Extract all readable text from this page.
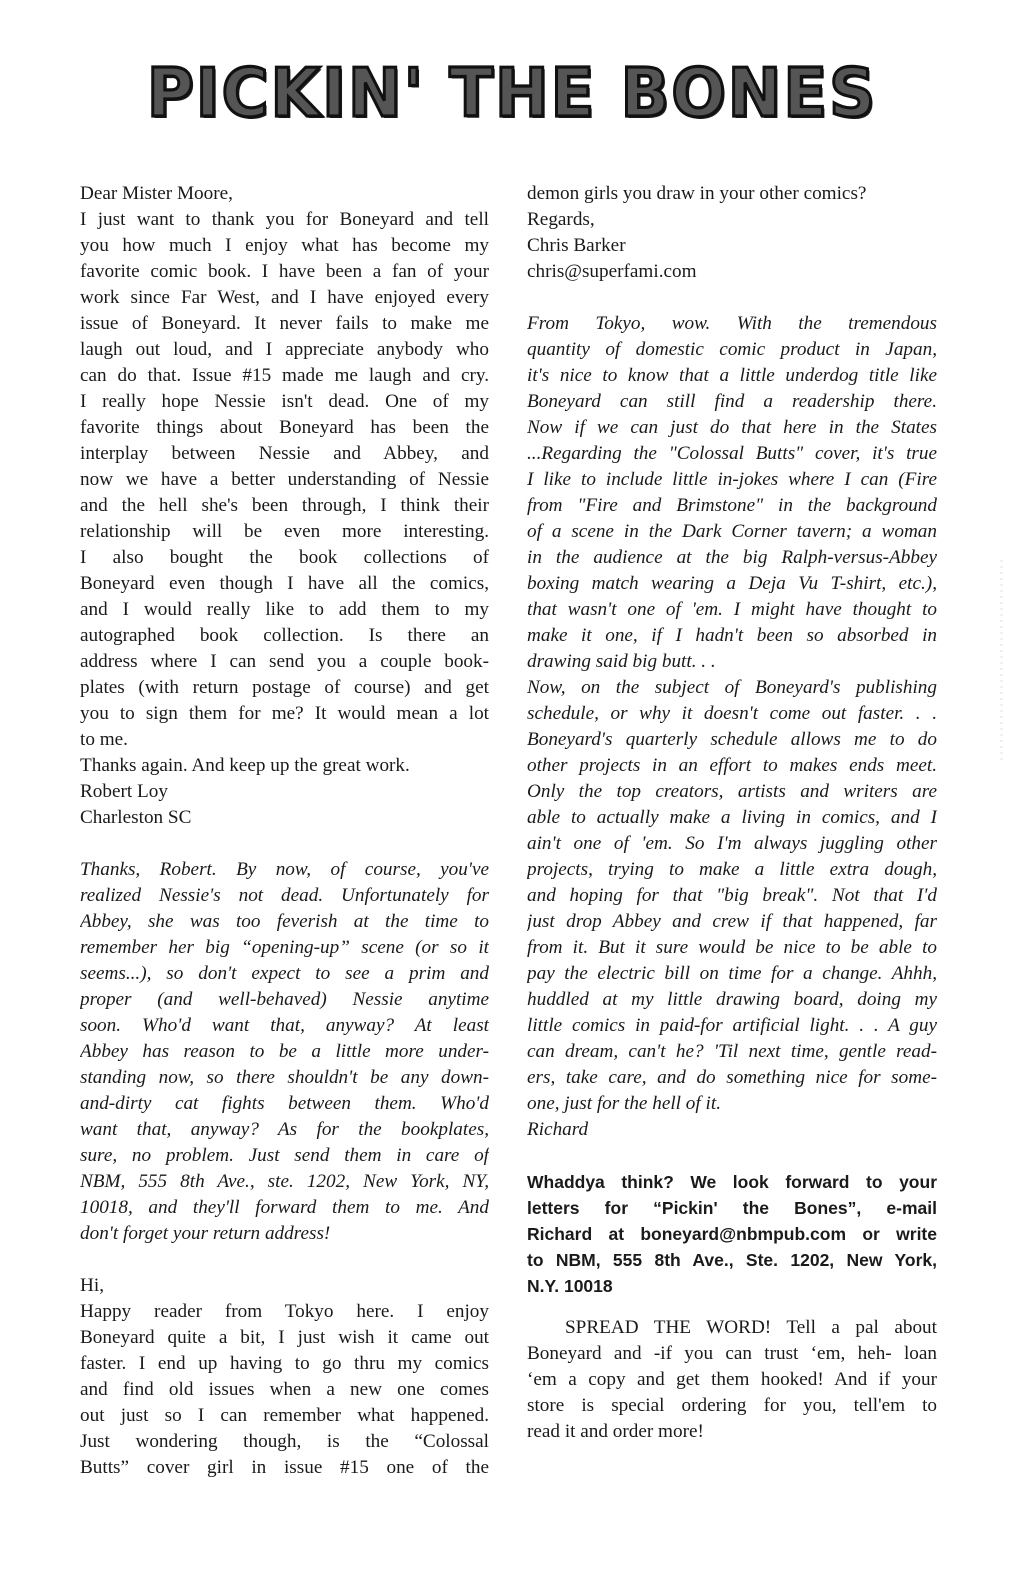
PICKIN' THE BONES
Dear Mister Moore,
I just want to thank you for Boneyard and tell
you how much I enjoy what has become my
favorite comic book. I have been a fan of your
work since Far West, and I have enjoyed every
issue of Boneyard. It never fails to make me
laugh out loud, and I appreciate anybody who
can do that. Issue #15 made me laugh and cry.
I really hope Nessie isn't dead. One of my
favorite things about Boneyard has been the
interplay between Nessie and Abbey, and
now we have a better understanding of Nessie
and the hell she's been through, I think their
relationship will be even more interesting.
I also bought the book collections of
Boneyard even though I have all the comics,
and I would really like to add them to my
autographed book collection. Is there an
address where I can send you a couple book-
plates (with return postage of course) and get
you to sign them for me? It would mean a lot
to me.
Thanks again. And keep up the great work.
Robert Loy
Charleston SC
Thanks, Robert. By now, of course, you've
realized Nessie's not dead. Unfortunately for
Abbey, she was too feverish at the time to
remember her big “opening-up” scene (or so it
seems...), so don't expect to see a prim and
proper (and well-behaved) Nessie anytime
soon. Who'd want that, anyway? At least
Abbey has reason to be a little more under-
standing now, so there shouldn't be any down-
and-dirty cat fights between them. Who'd
want that, anyway? As for the bookplates,
sure, no problem. Just send them in care of
NBM, 555 8th Ave., ste. 1202, New York, NY,
10018, and they'll forward them to me. And
don't forget your return address!
Hi,
Happy reader from Tokyo here. I enjoy
Boneyard quite a bit, I just wish it came out
faster. I end up having to go thru my comics
and find old issues when a new one comes
out just so I can remember what happened.
Just wondering though, is the “Colossal
Butts” cover girl in issue #15 one of the
demon girls you draw in your other comics?
Regards,
Chris Barker
chris@superfami.com
From Tokyo, wow. With the tremendous
quantity of domestic comic product in Japan,
it's nice to know that a little underdog title like
Boneyard can still find a readership there.
Now if we can just do that here in the States
...Regarding the "Colossal Butts" cover, it's true
I like to include little in-jokes where I can (Fire
from "Fire and Brimstone" in the background
of a scene in the Dark Corner tavern; a woman
in the audience at the big Ralph-versus-Abbey
boxing match wearing a Deja Vu T-shirt, etc.),
that wasn't one of 'em. I might have thought to
make it one, if I hadn't been so absorbed in
drawing said big butt. . .
Now, on the subject of Boneyard's publishing
schedule, or why it doesn't come out faster. . .
Boneyard's quarterly schedule allows me to do
other projects in an effort to makes ends meet.
Only the top creators, artists and writers are
able to actually make a living in comics, and I
ain't one of 'em. So I'm always juggling other
projects, trying to make a little extra dough,
and hoping for that "big break". Not that I'd
just drop Abbey and crew if that happened, far
from it. But it sure would be nice to be able to
pay the electric bill on time for a change. Ahhh,
huddled at my little drawing board, doing my
little comics in paid-for artificial light. . . A guy
can dream, can't he? 'Til next time, gentle read-
ers, take care, and do something nice for some-
one, just for the hell of it.
Richard
Whaddya think? We look forward to your
letters for “Pickin' the Bones”, e-mail
Richard at boneyard@nbmpub.com or write
to NBM, 555 8th Ave., Ste. 1202, New York,
N.Y. 10018
SPREAD THE WORD! Tell a pal about
Boneyard and -if you can trust ‘em, heh- loan
‘em a copy and get them hooked! And if your
store is special ordering for you, tell'em to
read it and order more!
